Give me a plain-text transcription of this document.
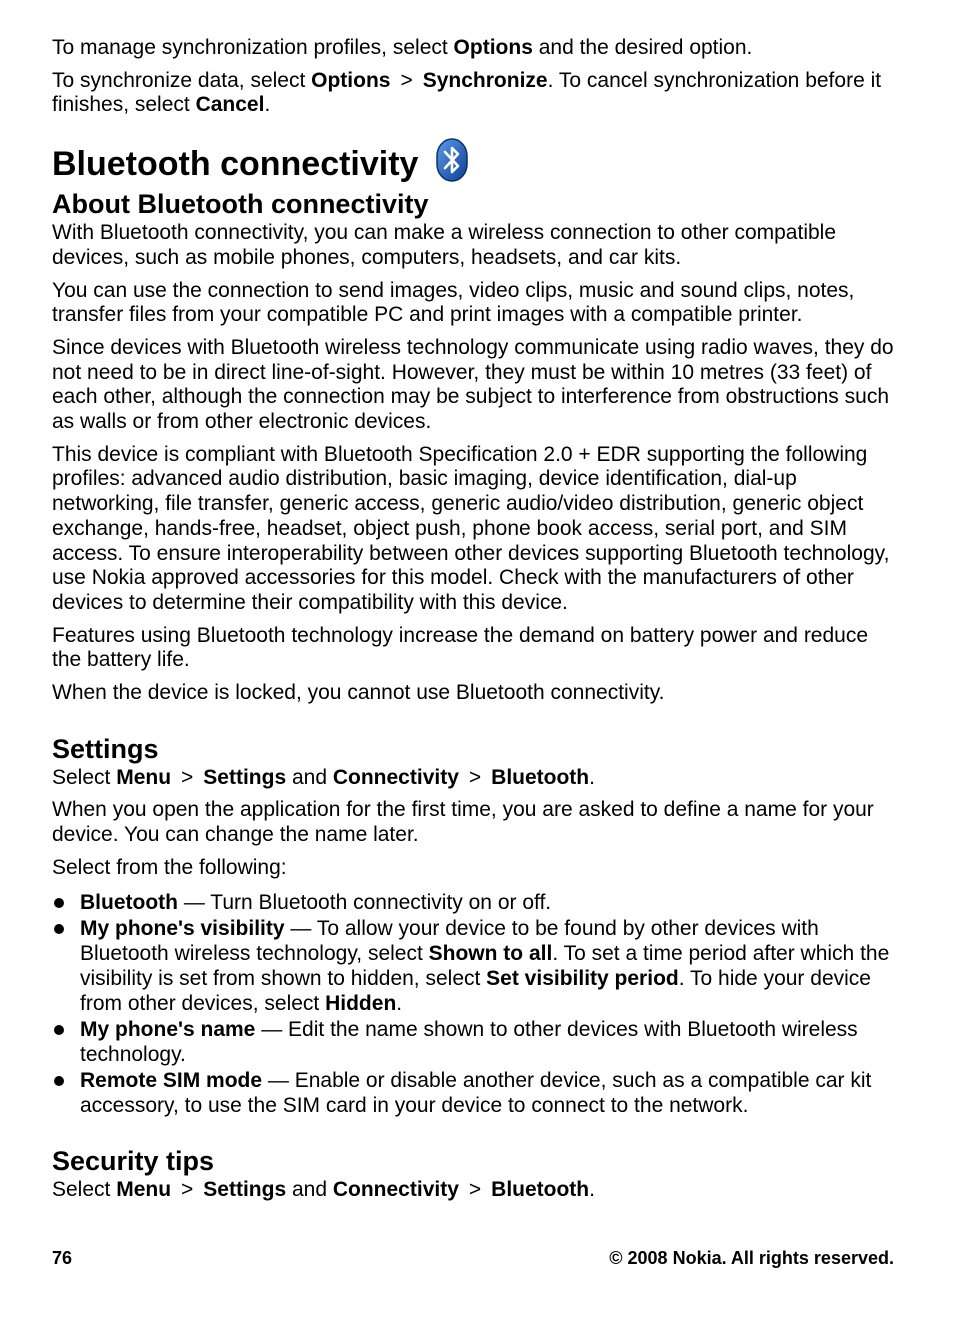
To manage synchronization profiles, select Options and the desired option.

To synchronize data, select Options > Synchronize. To cancel synchronization before it finishes, select Cancel.

Bluetooth connectivity
About Bluetooth connectivity

With Bluetooth connectivity, you can make a wireless connection to other compatible devices, such as mobile phones, computers, headsets, and car kits.

You can use the connection to send images, video clips, music and sound clips, notes, transfer files from your compatible PC and print images with a compatible printer.

Since devices with Bluetooth wireless technology communicate using radio waves, they do not need to be in direct line-of-sight. However, they must be within 10 metres (33 feet) of each other, although the connection may be subject to interference from obstructions such as walls or from other electronic devices.

This device is compliant with Bluetooth Specification 2.0 + EDR supporting the following profiles: advanced audio distribution, basic imaging, device identification, dial-up networking, file transfer, generic access, generic audio/video distribution, generic object exchange, hands-free, headset, object push, phone book access, serial port, and SIM access. To ensure interoperability between other devices supporting Bluetooth technology, use Nokia approved accessories for this model. Check with the manufacturers of other devices to determine their compatibility with this device.

Features using Bluetooth technology increase the demand on battery power and reduce the battery life.

When the device is locked, you cannot use Bluetooth connectivity.

Settings

Select Menu > Settings and Connectivity > Bluetooth.

When you open the application for the first time, you are asked to define a name for your device. You can change the name later.

Select from the following:

Bluetooth — Turn Bluetooth connectivity on or off.
My phone's visibility — To allow your device to be found by other devices with Bluetooth wireless technology, select Shown to all. To set a time period after which the visibility is set from shown to hidden, select Set visibility period. To hide your device from other devices, select Hidden.
My phone's name — Edit the name shown to other devices with Bluetooth wireless technology.
Remote SIM mode — Enable or disable another device, such as a compatible car kit accessory, to use the SIM card in your device to connect to the network.
Security tips

Select Menu > Settings and Connectivity > Bluetooth.

76	© 2008 Nokia. All rights reserved.
